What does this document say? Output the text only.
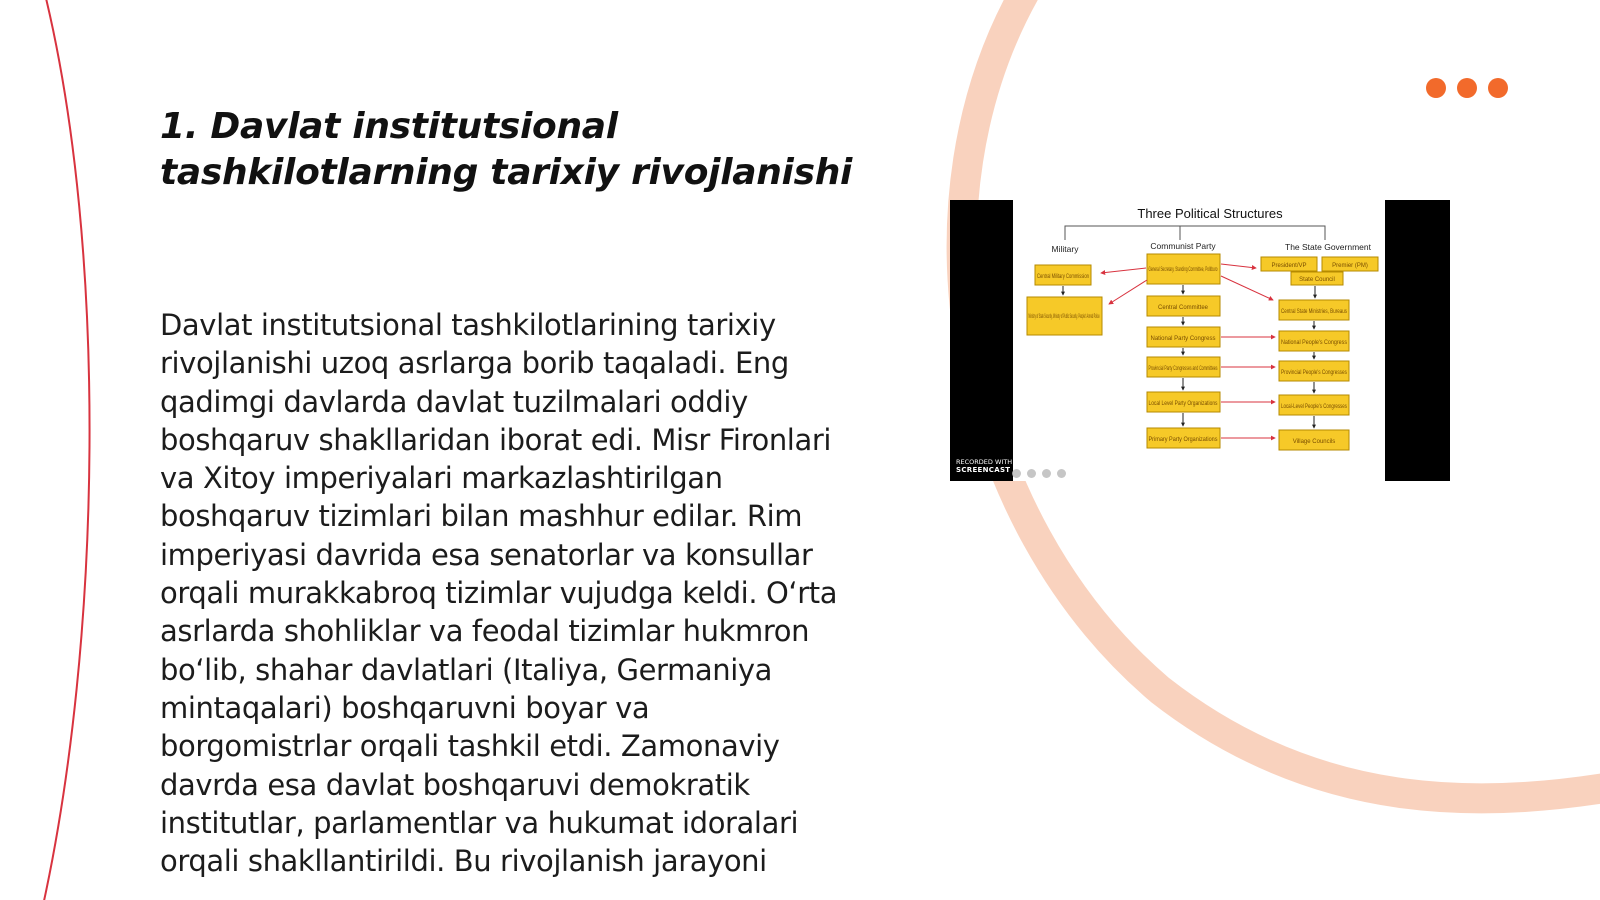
1. Davlat institutsional tashkilotlarning tarixiy rivojlanishi

Davlat institutsional tashkilotlarining tarixiy rivojlanishi uzoq asrlarga borib taqaladi. Eng qadimgi davlarda davlat tuzilmalari oddiy boshqaruv shakllaridan iborat edi. Misr Fironlari va Xitoy imperiyalari markazlashtirilgan boshqaruv tizimlari bilan mashhur edilar. Rim imperiyasi davrida esa senatorlar va konsullar orqali murakkabroq tizimlar vujudga keldi. O‘rta asrlarda shohliklar va feodal tizimlar hukmron bo‘lib, shahar davlatlari (Italiya, Germaniya mintaqalari) boshqaruvni boyar va borgomistrlar orqali tashkil etdi. Zamonaviy davrda esa davlat boshqaruvi demokratik institutlar, parlamentlar va hukumat idoralari orqali shakllantirildi. Bu rivojlanish jarayoni

Three Political Structures
Military	Communist Party	The State Government
Central Military Commission
Ministry of State Security, Ministry of Public Security, People's Armed Police
General Secretary, Standing Committee, Politburo
Central Committee
National Party Congress
Provincial Party Congresses and Committees
Local Level Party Organizations
Primary Party Organizations
President/VP	Premier (PM)
State Council
Central State Ministries, Bureaus
National People's Congress
Provincial People's Congresses
Local-Level People's Congresses
Village Councils
RECORDED WITH
SCREENCAST
